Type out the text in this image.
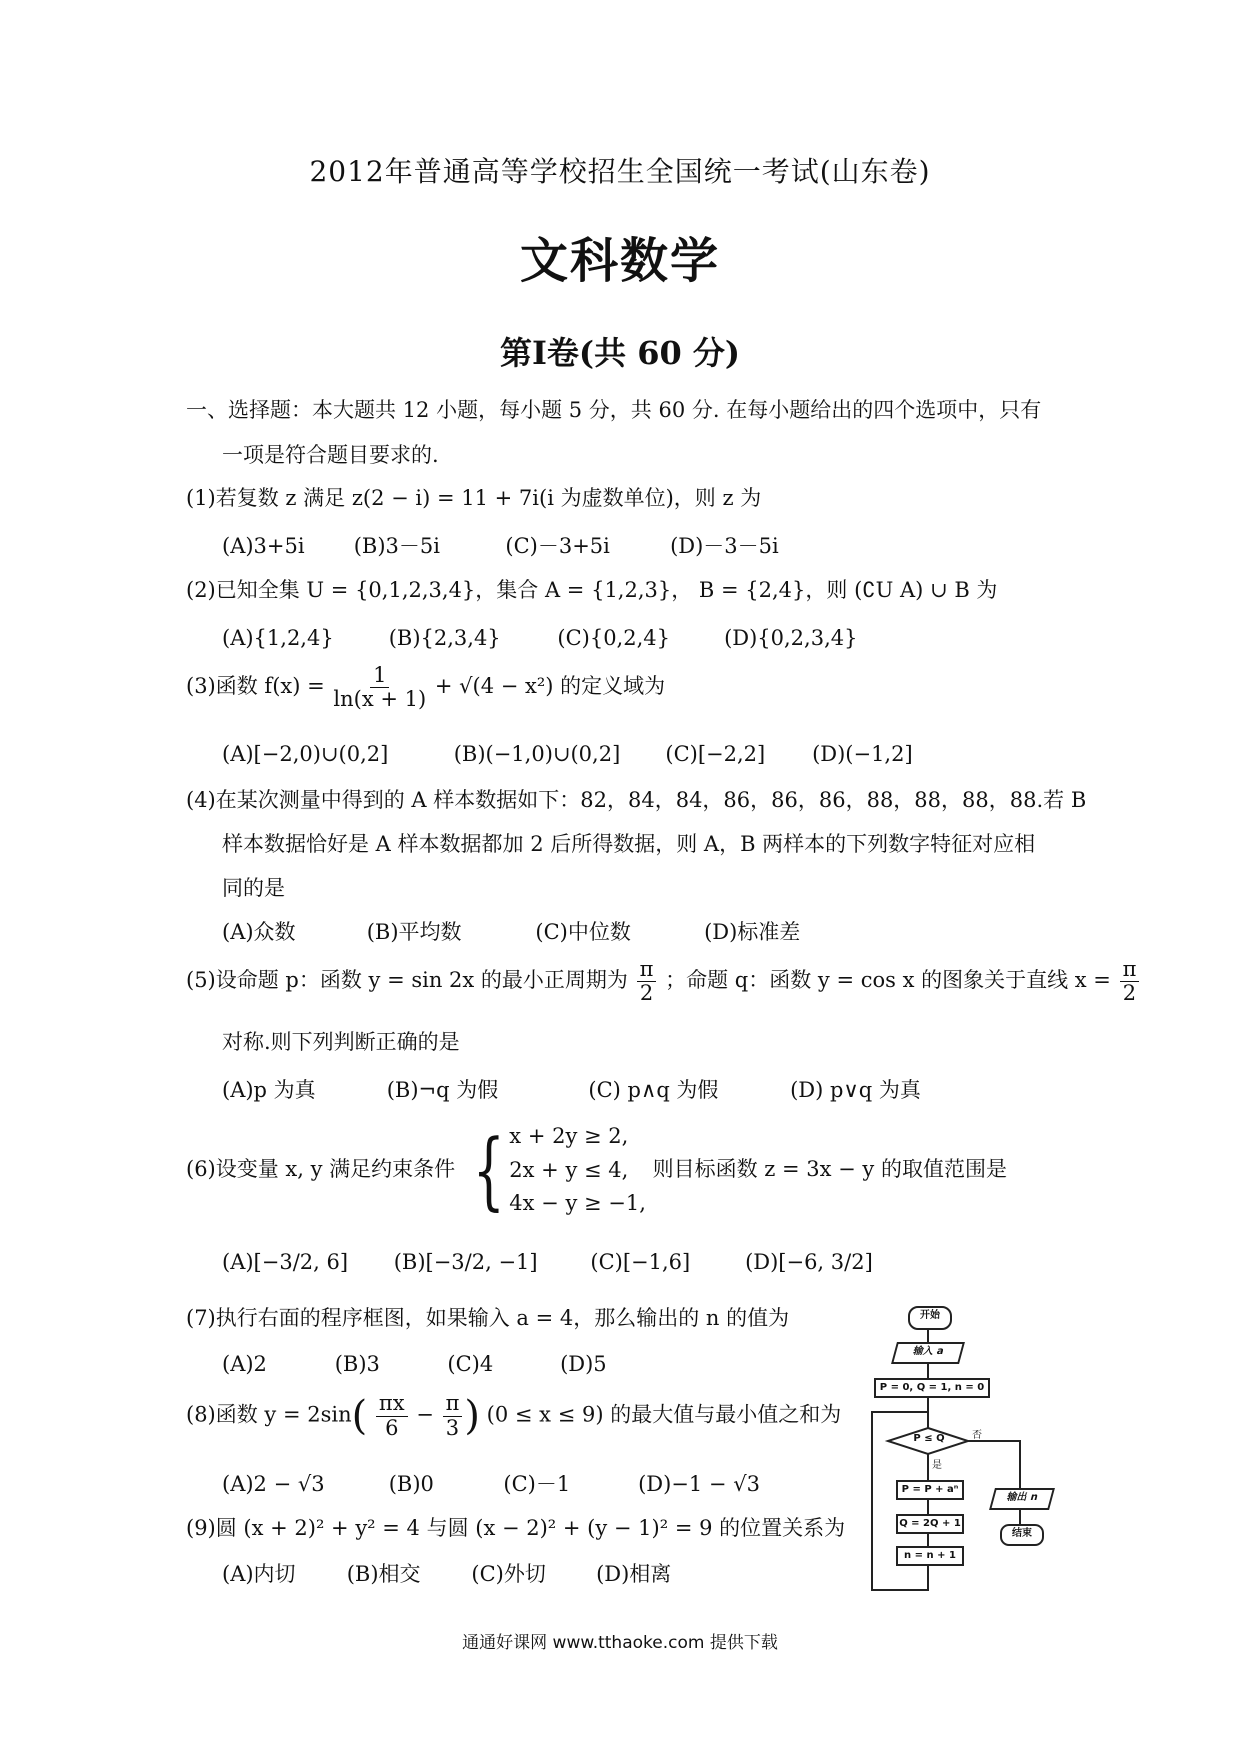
2012年普通高等学校招生全国统一考试(山东卷)
文科数学
第Ⅰ卷(共 60 分)
一、选择题：本大题共 12 小题，每小题 5 分，共 60 分. 在每小题给出的四个选项中，只有
一项是符合题目要求的.
(1)若复数 z 满足 z(2 − i) = 11 + 7i(i 为虚数单位)，则 z 为
(A)3+5i (B)3－5i	(C)－3+5i	(D)－3－5i
(2)已知全集 U = {0,1,2,3,4}，集合 A = {1,2,3}， B = {2,4}，则 (∁U A) ∪ B 为
(A){1,2,4}	(B){2,3,4}	(C){0,2,4}	(D){0,2,3,4}
(3)函数 $f(x) = \frac{1}{\ln(x + 1)} + √(4 - x^2)$ 的定义域为
(A)[−2,0)∪(0,2]	(B)(−1,0)∪(0,2] (C)[−2,2] (D)(−1,2]
(4)在某次测量中得到的 A 样本数据如下：82，84，84，86，86，86，88，88，88，88.若 B
样本数据恰好是 A 样本数据都加 2 后所得数据，则 A，B 两样本的下列数字特征对应相
同的是
(A)众数	(B)平均数	(C)中位数	(D)标准差
(5)设命题 p：函数 y = sin 2x 的最小正周期为 $\frac{\pi}{2}$ ；命题 q：函数 y = cos x 的图象关于直线 $x = \frac{\pi}{2}$
对称.则下列判断正确的是
(A)p 为真	(B)¬q 为假	(C) p∧q 为假	(D) p∨q 为真
(6)设变量 x, y 满足约束条件 { x + 2y ≥ 2,
2x + y ≤ 4,
4x − y ≥ −1,
则目标函数 z = 3x − y 的取值范围是
(A)[−3/2, 6] (B)[−3/2, −1]	(C)[−1,6]	(D)[−6, 3/2]
(7)执行右面的程序框图，如果输入 a = 4，那么输出的 n 的值为
(A)2	(B)3	(C)4	(D)5
(8)函数 $y = 2\sin( \frac{\pi x}{6} - \frac{\pi}{3}$ ) (0 ≤ x ≤ 9) 的最大值与最小值之和为
(A)2 − √3	(B)0	(C)－1	(D)−1 − √3
(9)圆 (x + 2)² + y² = 4 与圆 (x − 2)² + (y − 1)² = 9 的位置关系为
(A)内切 (B)相交 (C)外切 (D)相离
开始
输入 a
P = 0, Q = 1, n = 0
P ≤ Q
是
否
P = P + aⁿ
Q = 2Q + 1
n = n + 1
输出 n
结束
通通好课网 www.tthaoke.com 提供下载
